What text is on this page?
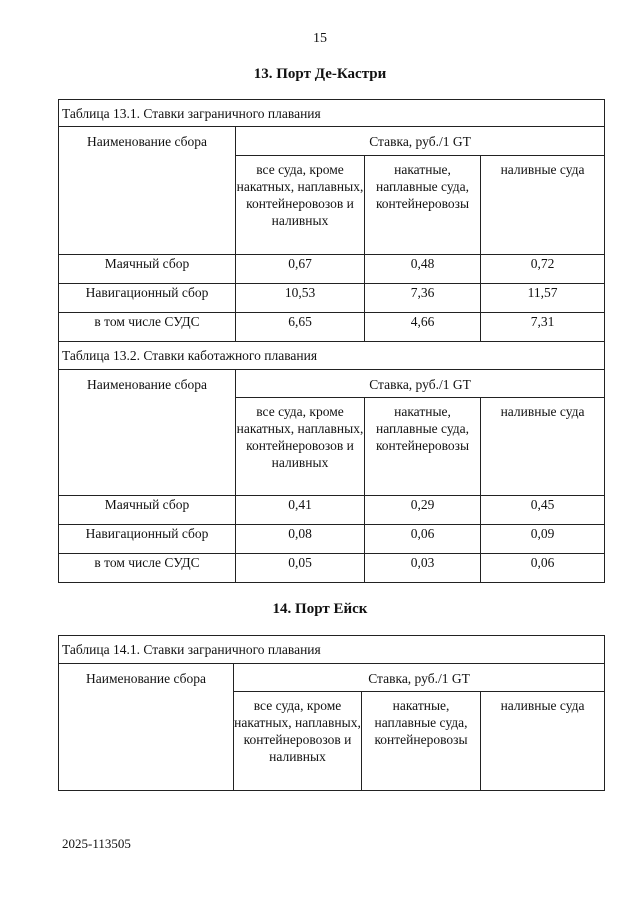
15
13. Порт Де-Кастри
Таблица 13.1. Ставки заграничного плавания			
Наименование сбора	Ставка, руб./1 GT		
	все суда, кроме накатных, наплавных, контейнеровозов и наливных	накатные, наплавные суда, контейнеровозы	наливные суда
Маячный сбор	0,67	0,48	0,72
Навигационный сбор	10,53	7,36	11,57
в том числе СУДС	6,65	4,66	7,31
Таблица 13.2. Ставки каботажного плавания			
Наименование сбора	Ставка, руб./1 GT		
	все суда, кроме накатных, наплавных, контейнеровозов и наливных	накатные, наплавные суда, контейнеровозы	наливные суда
Маячный сбор	0,41	0,29	0,45
Навигационный сбор	0,08	0,06	0,09
в том числе СУДС	0,05	0,03	0,06
14. Порт Ейск
Таблица 14.1. Ставки заграничного плавания			
Наименование сбора	Ставка, руб./1 GT		
	все суда, кроме накатных, наплавных, контейнеровозов и наливных	накатные, наплавные суда, контейнеровозы	наливные суда
2025-113505
